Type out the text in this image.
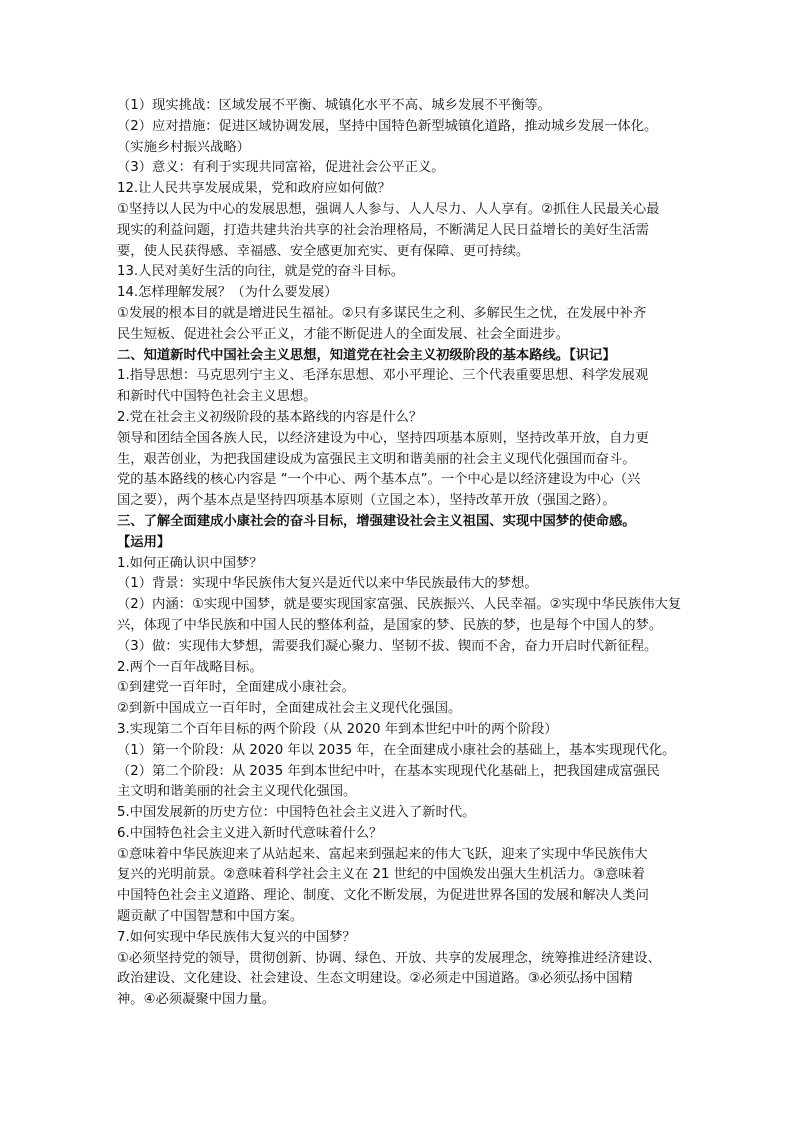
（1）现实挑战：区域发展不平衡、城镇化水平不高、城乡发展不平衡等。

（2）应对措施：促进区域协调发展，坚持中国特色新型城镇化道路，推动城乡发展一体化。

（实施乡村振兴战略）

（3）意义：有利于实现共同富裕，促进社会公平正义。

12.让人民共享发展成果，党和政府应如何做？

①坚持以人民为中心的发展思想，强调人人参与、人人尽力、人人享有。②抓住人民最关心最

现实的利益问题，打造共建共治共享的社会治理格局，不断满足人民日益增长的美好生活需

要，使人民获得感、幸福感、安全感更加充实、更有保障、更可持续。

13.人民对美好生活的向往，就是党的奋斗目标。

14.怎样理解发展？（为什么要发展）

①发展的根本目的就是增进民生福祉。②只有多谋民生之利、多解民生之忧，在发展中补齐

民生短板、促进社会公平正义，才能不断促进人的全面发展、社会全面进步。

二、知道新时代中国社会主义思想，知道党在社会主义初级阶段的基本路线。【识记】

1.指导思想：马克思列宁主义、毛泽东思想、邓小平理论、三个代表重要思想、科学发展观

和新时代中国特色社会主义思想。

2.党在社会主义初级阶段的基本路线的内容是什么？

领导和团结全国各族人民，以经济建设为中心，坚持四项基本原则，坚持改革开放，自力更

生，艰苦创业，为把我国建设成为富强民主文明和谐美丽的社会主义现代化强国而奋斗。

党的基本路线的核心内容是 “一个中心、两个基本点”。一个中心是以经济建设为中心（兴

国之要），两个基本点是坚持四项基本原则（立国之本），坚持改革开放（强国之路）。

三、了解全面建成小康社会的奋斗目标，增强建设社会主义祖国、实现中国梦的使命感。

【运用】

1.如何正确认识中国梦？

（1）背景：实现中华民族伟大复兴是近代以来中华民族最伟大的梦想。

（2）内涵：①实现中国梦，就是要实现国家富强、民族振兴、人民幸福。②实现中华民族伟大复

兴，体现了中华民族和中国人民的整体利益，是国家的梦、民族的梦，也是每个中国人的梦。

（3）做：实现伟大梦想，需要我们凝心聚力、坚韧不拔、锲而不舍，奋力开启时代新征程。

2.两个一百年战略目标。

①到建党一百年时，全面建成小康社会。

②到新中国成立一百年时，全面建成社会主义现代化强国。

3.实现第二个百年目标的两个阶段（从 2020 年到本世纪中叶的两个阶段）

（1）第一个阶段：从 2020 年以 2035 年，在全面建成小康社会的基础上，基本实现现代化。

（2）第二个阶段：从 2035 年到本世纪中叶，在基本实现现代化基础上，把我国建成富强民

主文明和谐美丽的社会主义现代化强国。

5.中国发展新的历史方位：中国特色社会主义进入了新时代。

6.中国特色社会主义进入新时代意味着什么？

①意味着中华民族迎来了从站起来、富起来到强起来的伟大飞跃，迎来了实现中华民族伟大

复兴的光明前景。②意味着科学社会主义在 21 世纪的中国焕发出强大生机活力。③意味着

中国特色社会主义道路、理论、制度、文化不断发展，为促进世界各国的发展和解决人类问

题贡献了中国智慧和中国方案。

7.如何实现中华民族伟大复兴的中国梦？

①必须坚持党的领导，贯彻创新、协调、绿色、开放、共享的发展理念，统筹推进经济建设、

政治建设、文化建设、社会建设、生态文明建设。②必须走中国道路。③必须弘扬中国精

神。④必须凝聚中国力量。
